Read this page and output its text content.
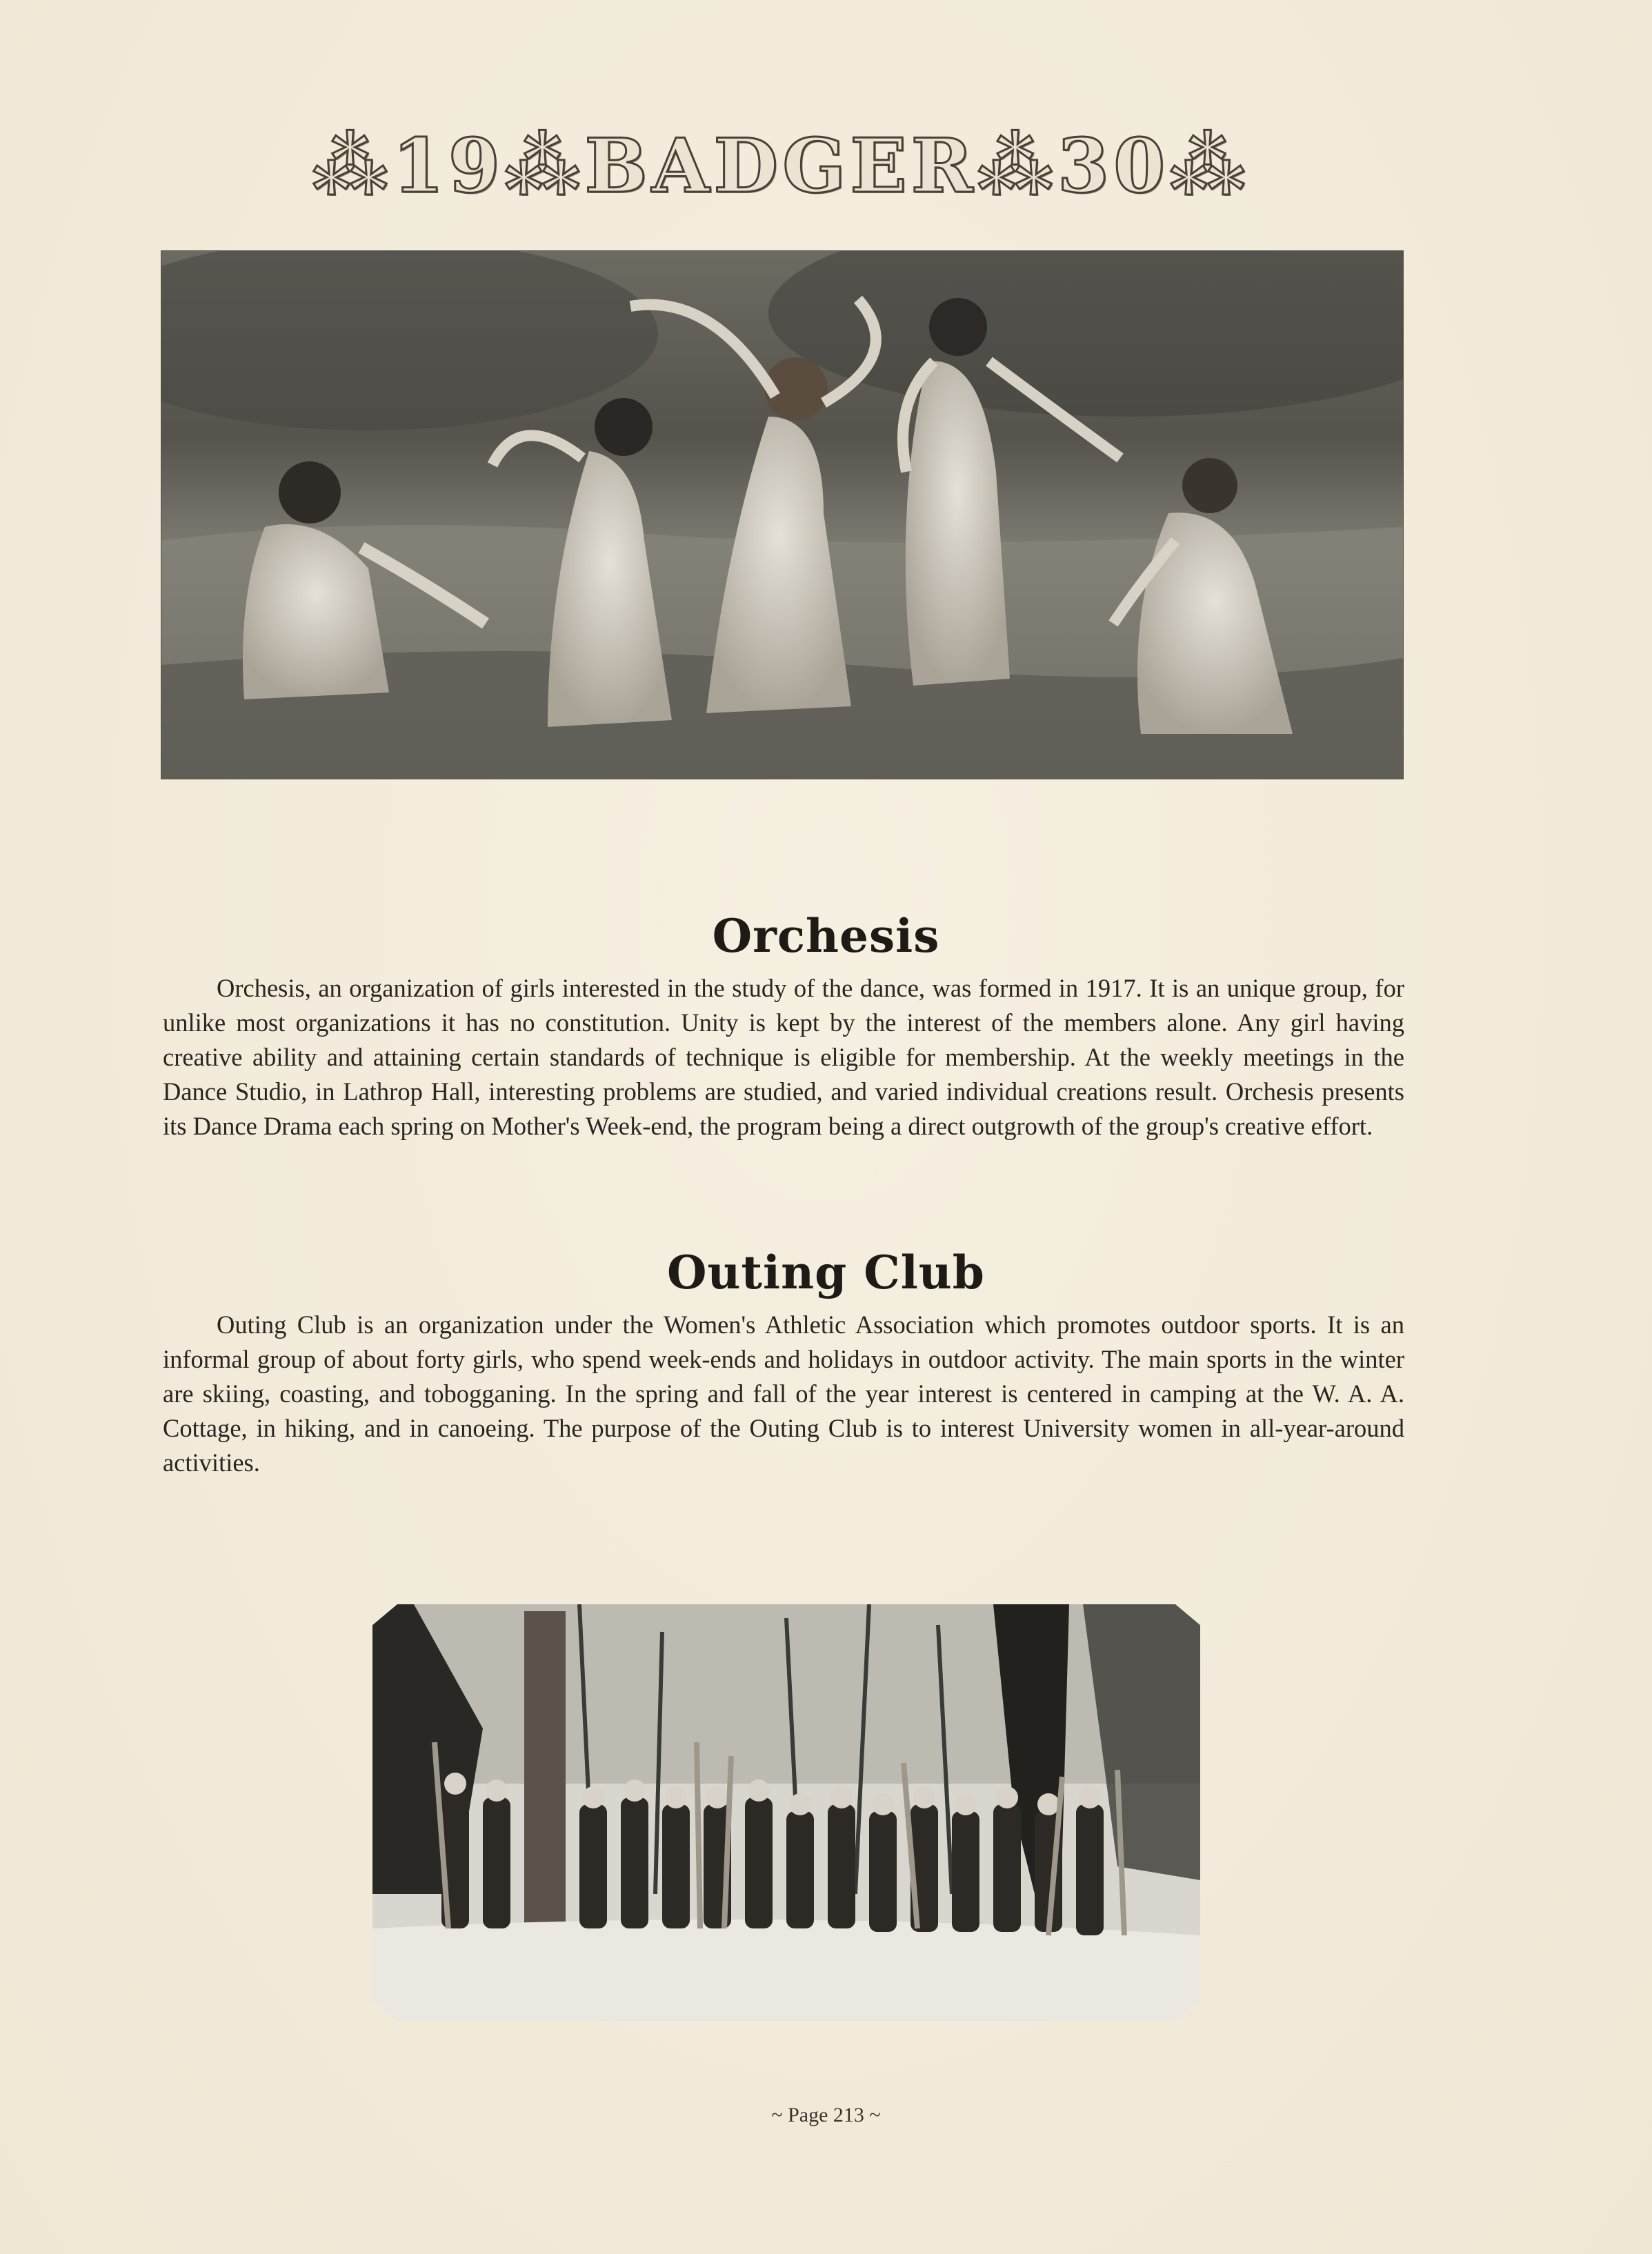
⁂19⁂BADGER⁂30⁂
Orchesis
Orchesis, an organization of girls interested in the study of the dance, was formed in 1917. It is an unique group, for unlike most organizations it has no constitution. Unity is kept by the interest of the members alone. Any girl having creative ability and attaining certain standards of technique is eligible for membership. At the weekly meetings in the Dance Studio, in Lathrop Hall, interesting problems are studied, and varied individual creations result. Orchesis presents its Dance Drama each spring on Mother's Week-end, the program being a direct outgrowth of the group's creative effort.
Outing Club
Outing Club is an organization under the Women's Athletic Association which promotes outdoor sports. It is an informal group of about forty girls, who spend week-ends and holidays in outdoor activity. The main sports in the winter are skiing, coasting, and tobogganing. In the spring and fall of the year interest is centered in camping at the W. A. A. Cottage, in hiking, and in canoeing. The purpose of the Outing Club is to interest University women in all-year-around activities.
~ Page 213 ~
